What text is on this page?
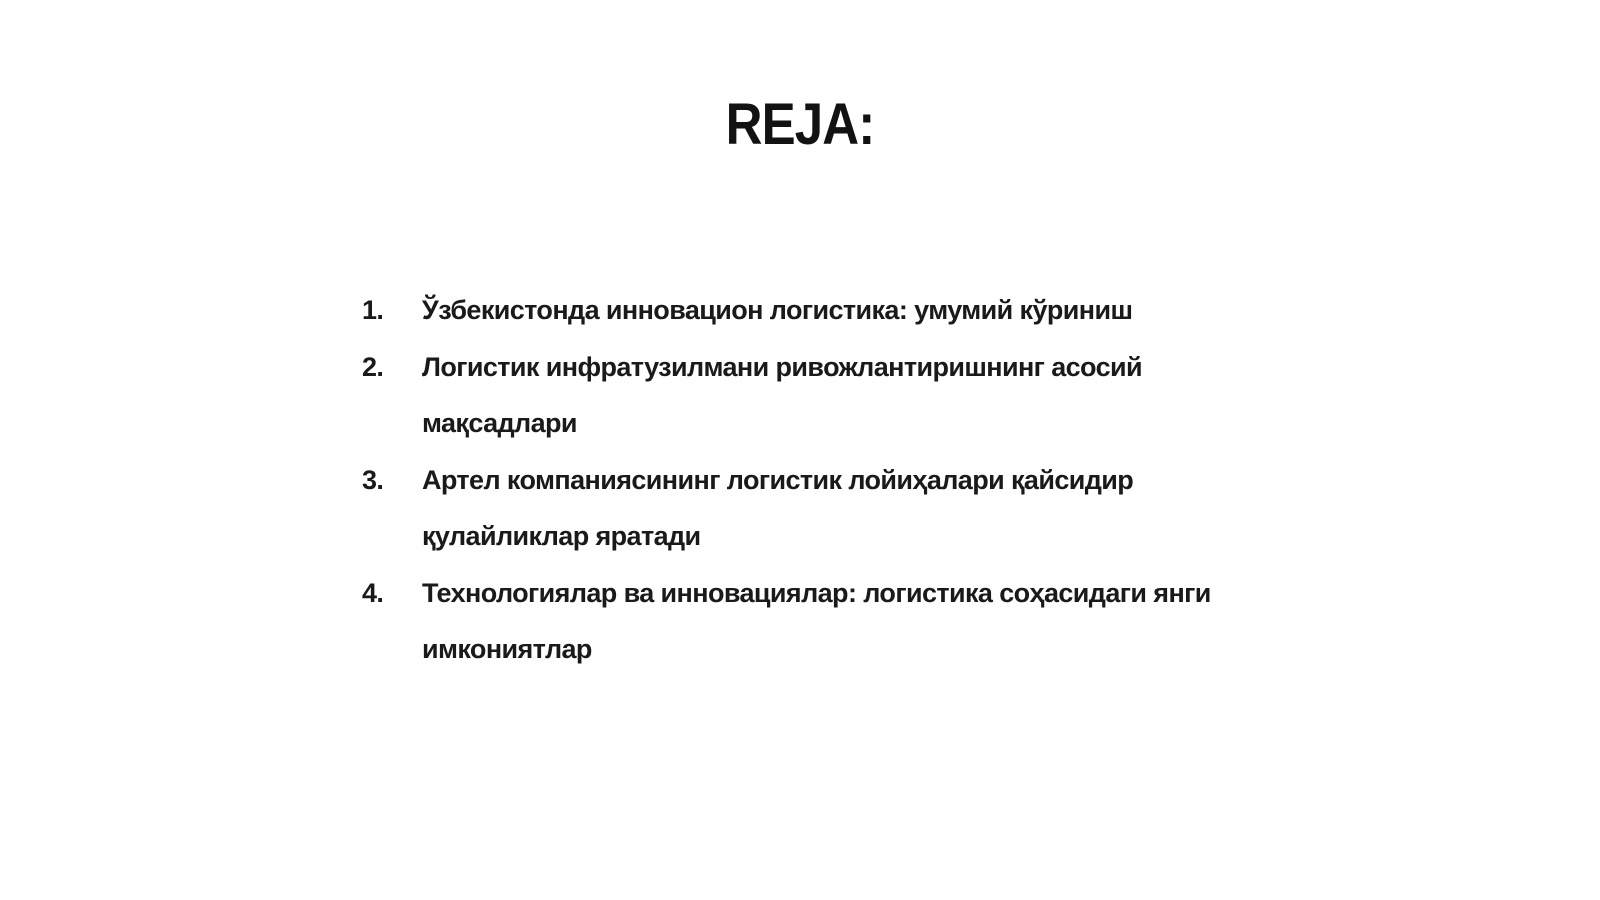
REJA:
1.	Ўзбекистонда инновацион логистика: умумий кўриниш
2.	Логистик инфратузилмани ривожлантиришнинг асосий мақсадлари
3.	Артел компаниясининг логистик лойиҳалари қайсидир қулайликлар яратади
4.	Технологиялар ва инновациялар: логистика соҳасидаги янги имкониятлар
